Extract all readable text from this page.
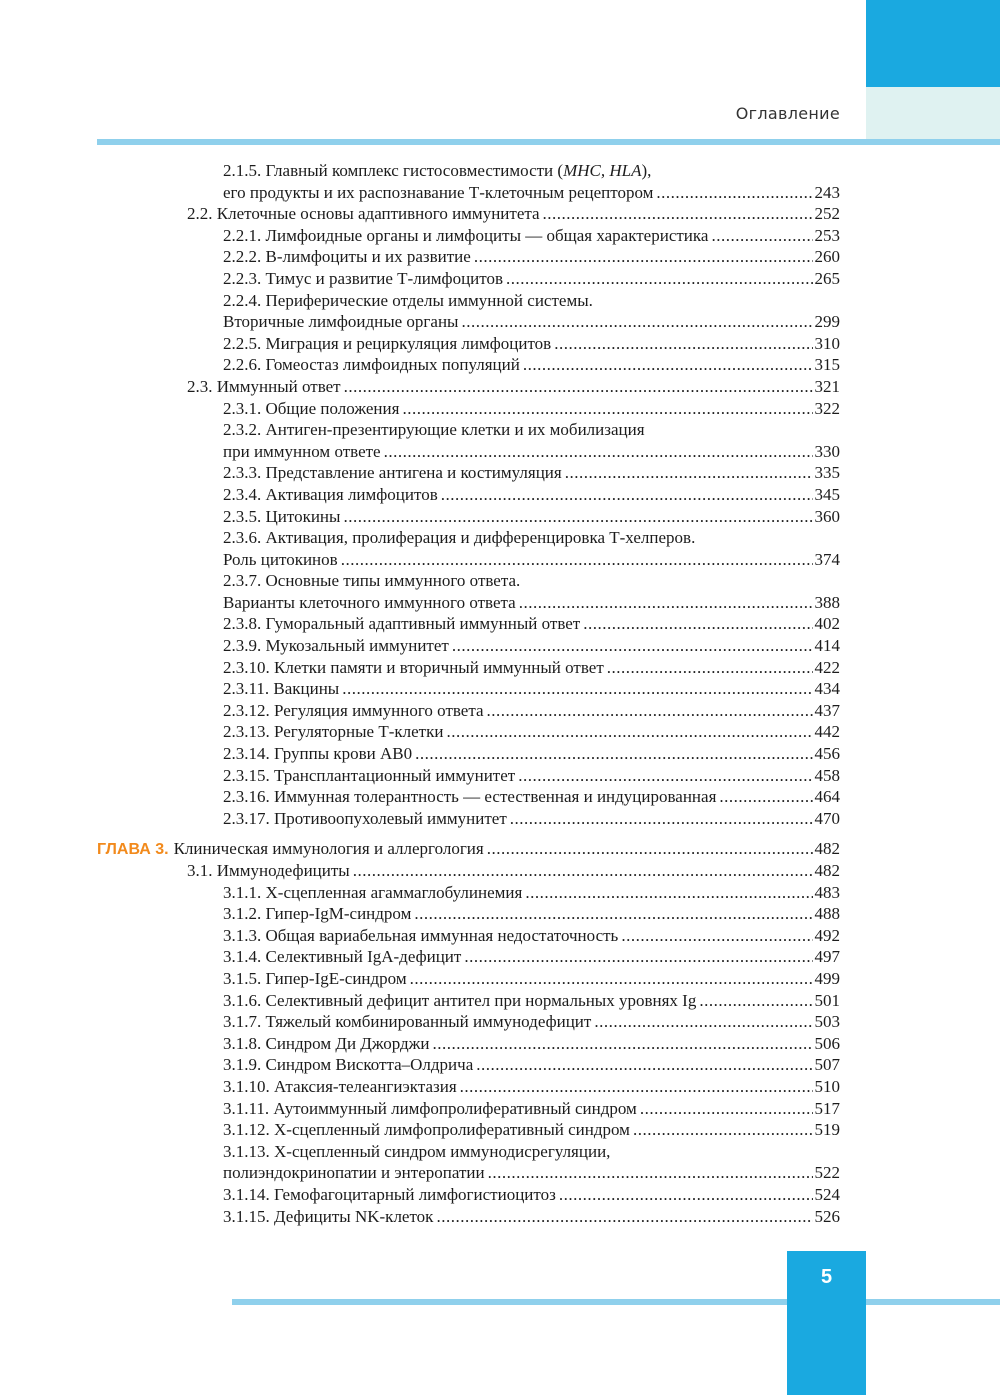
Оглавление
2.1.5. Главный комплекс гистосовместимости (MHC, HLA),
его продукты и их распознавание Т-клеточным рецептором .....	243
2.2. Клеточные основы адаптивного иммунитета .....	252
2.2.1. Лимфоидные органы и лимфоциты — общая характеристика .....	253
2.2.2. В-лимфоциты и их развитие .....	260
2.2.3. Тимус и развитие Т-лимфоцитов .....	265
2.2.4. Периферические отделы иммунной системы.
Вторичные лимфоидные органы .....	299
2.2.5. Миграция и рециркуляция лимфоцитов .....	310
2.2.6. Гомеостаз лимфоидных популяций .....	315
2.3. Иммунный ответ .....	321
2.3.1. Общие положения .....	322
2.3.2. Антиген-презентирующие клетки и их мобилизация
при иммунном ответе .....	330
2.3.3. Представление антигена и костимуляция .....	335
2.3.4. Активация лимфоцитов .....	345
2.3.5. Цитокины .....	360
2.3.6. Активация, пролиферация и дифференцировка Т-хелперов.
Роль цитокинов .....	374
2.3.7. Основные типы иммунного ответа.
Варианты клеточного иммунного ответа .....	388
2.3.8. Гуморальный адаптивный иммунный ответ .....	402
2.3.9. Мукозальный иммунитет .....	414
2.3.10. Клетки памяти и вторичный иммунный ответ .....	422
2.3.11. Вакцины .....	434
2.3.12. Регуляция иммунного ответа .....	437
2.3.13. Регуляторные Т-клетки .....	442
2.3.14. Группы крови АВ0 .....	456
2.3.15. Трансплантационный иммунитет .....	458
2.3.16. Иммунная толерантность — естественная и индуцированная .....	464
2.3.17. Противоопухолевый иммунитет .....	470
ГЛАВА 3. Клиническая иммунология и аллергология .....	482
3.1. Иммунодефициты .....	482
3.1.1. Х-сцепленная агаммаглобулинемия .....	483
3.1.2. Гипер-IgM-синдром .....	488
3.1.3. Общая вариабельная иммунная недостаточность .....	492
3.1.4. Селективный IgA-дефицит .....	497
3.1.5. Гипер-IgE-синдром .....	499
3.1.6. Селективный дефицит антител при нормальных уровнях Ig .....	501
3.1.7. Тяжелый комбинированный иммунодефицит .....	503
3.1.8. Синдром Ди Джорджи .....	506
3.1.9. Синдром Вискотта–Олдрича .....	507
3.1.10. Атаксия-телеангиэктазия .....	510
3.1.11. Аутоиммунный лимфопролиферативный синдром .....	517
3.1.12. Х-сцепленный лимфопролиферативный синдром .....	519
3.1.13. Х-сцепленный синдром иммунодисрегуляции,
полиэндокринопатии и энтеропатии .....	522
3.1.14. Гемофагоцитарный лимфогистиоцитоз .....	524
3.1.15. Дефициты NK-клеток .....	526
5
